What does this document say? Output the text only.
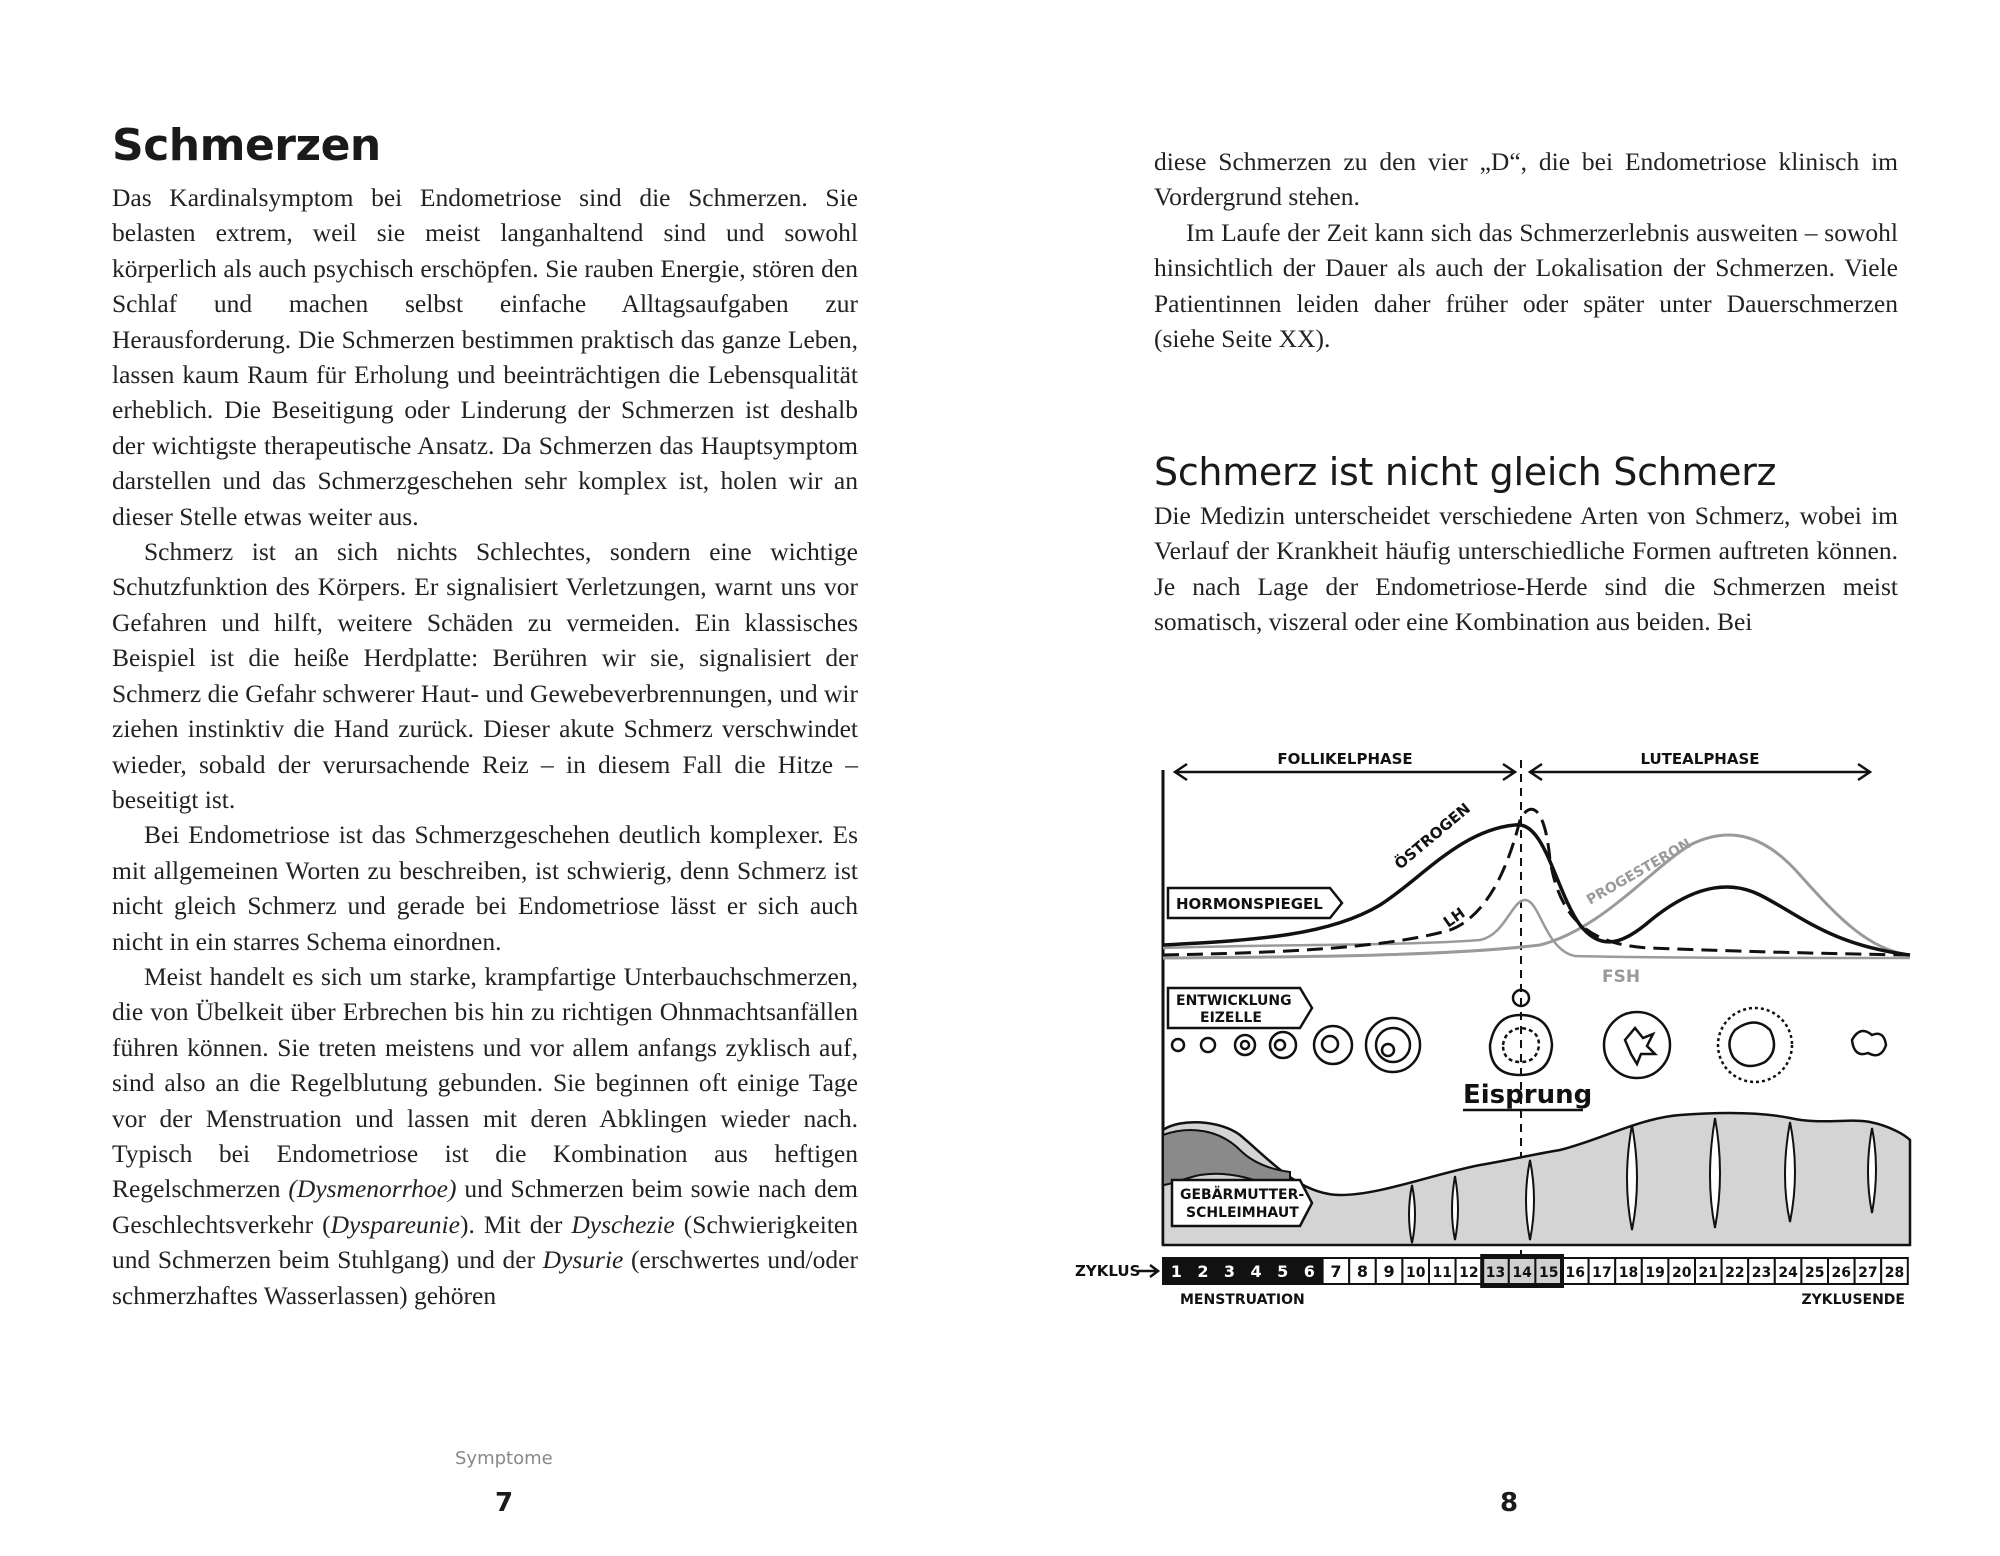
Schmerzen

Das Kardinalsymptom bei Endometriose sind die Schmerzen. Sie belasten extrem, weil sie meist langanhaltend sind und sowohl körperlich als auch psychisch erschöpfen. Sie rauben Energie, stören den Schlaf und machen selbst einfache Alltagsaufgaben zur Herausforderung. Die Schmerzen bestimmen praktisch das ganze Leben, lassen kaum Raum für Erholung und beeinträchtigen die Lebensqualität erheblich. Die Beseitigung oder Linderung der Schmerzen ist deshalb der wichtigste therapeutische Ansatz. Da Schmerzen das Hauptsymptom darstellen und das Schmerzgeschehen sehr komplex ist, holen wir an dieser Stelle etwas weiter aus.

Schmerz ist an sich nichts Schlechtes, sondern eine wichtige Schutzfunktion des Körpers. Er signalisiert Verletzungen, warnt uns vor Gefahren und hilft, weitere Schäden zu vermeiden. Ein klassisches Beispiel ist die heiße Herdplatte: Berühren wir sie, signalisiert der Schmerz die Gefahr schwerer Haut- und Gewebeverbrennungen, und wir ziehen instinktiv die Hand zurück. Dieser akute Schmerz verschwindet wieder, sobald der verursachende Reiz – in diesem Fall die Hitze – beseitigt ist.

Bei Endometriose ist das Schmerzgeschehen deutlich komplexer. Es mit allgemeinen Worten zu beschreiben, ist schwierig, denn Schmerz ist nicht gleich Schmerz und gerade bei Endometriose lässt er sich auch nicht in ein starres Schema einordnen.

Meist handelt es sich um starke, krampfartige Unterbauchschmerzen, die von Übelkeit über Erbrechen bis hin zu richtigen Ohnmachtsanfällen führen können. Sie treten meistens und vor allem anfangs zyklisch auf, sind also an die Regelblutung gebunden. Sie beginnen oft einige Tage vor der Menstruation und lassen mit deren Abklingen wieder nach. Typisch bei Endometriose ist die Kombination aus heftigen Regelschmerzen (Dysmenorrhoe) und Schmerzen beim sowie nach dem Geschlechtsverkehr (Dyspareunie). Mit der Dyschezie (Schwierigkeiten und Schmerzen beim Stuhlgang) und der Dysurie (erschwertes und/oder schmerzhaftes Wasserlassen) gehören

Symptome
7

diese Schmerzen zu den vier „D“, die bei Endometriose klinisch im Vordergrund stehen.

Im Laufe der Zeit kann sich das Schmerzerlebnis ausweiten – sowohl hinsichtlich der Dauer als auch der Lokalisation der Schmerzen. Viele Patientinnen leiden daher früher oder später unter Dauerschmerzen (siehe Seite XX).

Schmerz ist nicht gleich Schmerz

Die Medizin unterscheidet verschiedene Arten von Schmerz, wobei im Verlauf der Krankheit häufig unterschiedliche Formen auftreten können. Je nach Lage der Endometriose-Herde sind die Schmerzen meist somatisch, viszeral oder eine Kombination aus beiden. Bei

FOLLIKELPHASE	LUTEALPHASE
ÖSTROGEN
LH
PROGESTERON
FSH
HORMONSPIEGEL
ENTWICKLUNG
EIZELLE
Eisprung
GEBÄRMUTTER-
SCHLEIMHAUT
ZYKLUS 1 2 3 4 5 6 7 8 9 10 11 12 13 14 15 16 17 18 19 20 21 22 23 24 25 26 27 28
MENSTRUATION	ZYKLUSENDE
8
